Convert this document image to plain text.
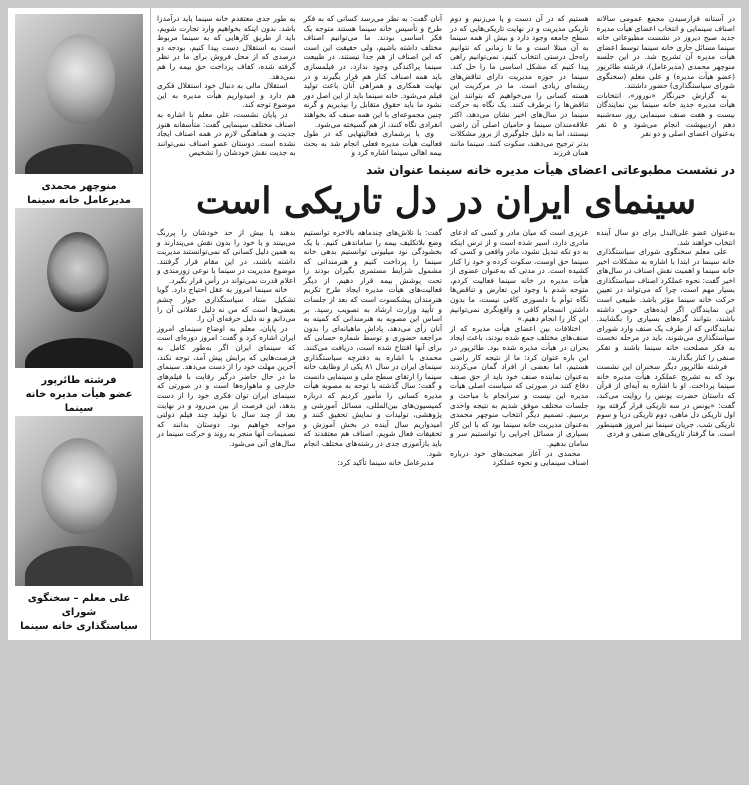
در آستانه فرارسیدن مجمع عمومی سالانه اصناف سینمایی و انتخاب اعضای هیأت مدیره جدید صبح دیروز در نشست مطبوعاتی خانه سینما مسائل جاری خانه سینما توسط اعضای هیأت مدیره آن تشریح شد. در این جلسه منوچهر محمدی (مدیرعامل)، فرشته طائرپور (عضو هیأت مدیره) و علی معلم (سخنگوی شورای سیاستگذاری) حضور داشتند.

به گزارش خبرنگار «نوروز»، انتخابات هیأت مدیره جدید خانه سینما بین نمایندگان بیست و هفت صنف سینمایی روز سه‌شنبه دهم اردیبهشت انجام می‌شود و ۵ نفر به‌عنوان اعضای اصلی و دو نفر

هستیم که در آن دست و پا می‌زنیم و دوم تاریکی مدیریت و در نهایت تاریکی‌هایی که در سطح جامعه وجود دارد و بیش از همه سینما به آن مبتلا است و ما تا زمانی که نتوانیم راه‌حل درستی انتخاب کنیم، نمی‌توانیم راهی پیدا کنیم که مشکل اساسی ما را حل کند. سینما در حوزه مدیریت دارای تناقض‌های ریشه‌ای زیادی است. ما در مرکزیت این هسته کسانی را می‌خواهیم که بتوانند این تناقض‌ها را برطرف کنند. یک نگاه به حرکت سینما در سال‌های اخیر نشان می‌دهد، اکثر علاقه‌مندان سینما و حامیان اصلی آن راضی نیستند، اما به دلیل جلوگیری از بروز مشکلات بدتر ترجیح می‌دهند، سکوت کنند. سینما مانند همان فرزند

آنان گفت: به نظر می‌رسد کسانی که به فکر طرح و تأسیس خانه سینما هستند متوجه یک فکر اساسی بودند. ما می‌توانیم اصناف مختلف داشته باشیم، ولی حقیقت این است که این اصناف از هم جدا نیستند. در طبیعت سینما پراکندگی وجود ندارد، در فیلمسازی باید همه اصناف کنار هم قرار بگیرند و در نهایت همکاری و همراهی آنان باعث تولید فیلم می‌شود. خانه سینما باید از این اصل دور نشود ما باید حقوق متقابل را بپذیریم و گرنه چنین مجموعه‌ای با این همه صنف که بخواهند انفرادی نگاه کنند، از هم گسیخته می‌شود.

وی با برشماری فعالیتهایی که در طول فعالیت هیأت مدیره فعلی انجام شد به بحث بیمه اهالی سینما اشاره کرد و

به طور جدی معتقدم خانه سینما باید درآمدزا باشد. بدون اینکه بخواهیم وارد تجارت شویم، باید از طریق کارهایی که به سینما مربوط است به استقلال دست پیدا کنیم، بودجه دو درصدی که از محل فروش برای ما در نظر گرفته شده، کفاف پرداخت حق بیمه را هم نمی‌دهد.

استقلال مالی به دنبال خود استقلال فکری هم دارد و امیدواریم هیأت مدیره به این موضوع توجه کند.

در پایان نشست، علی معلم با اشاره به اصناف مختلف سینمایی گفت: متأسفانه هنوز جدیت و هماهنگی لازم در همه اصناف ایجاد نشده است. دوستان عضو اصناف نمی‌توانند به جدیت نقش خودشان را تشخیص

در نشست مطبوعاتی اعضای هیأت مدیره خانه سینما عنوان شد
سینمای ایران در دل تاریکی است

به‌عنوان عضو علی‌البدل برای دو سال آینده انتخاب خواهند شد.

علی معلم سخنگوی شورای سیاستگذاری خانه سینما در ابتدا با اشاره به مشکلات اخیر خانه سینما و اهمیت نقش اصناف در سال‌های اخیر گفت: نحوه عملکرد اصناف سیاستگذاری بسیار مهم است، چرا که می‌تواند در تعیین حرکت خانه سینما مؤثر باشد. طبیعی است این نمایندگان اگر ایده‌های خوبی داشته باشند، بتوانند گره‌های بسیاری را بگشایند. نمایندگانی که از طرف یک صنف وارد شورای سیاستگذاری می‌شوند، باید در مرحله نخست به فکر مصلحت خانه سینما باشند و تفکر صنفی را کنار بگذارند.

فرشته طائرپور دیگر سخنران این نشست بود که به تشریح عملکرد هیأت مدیره خانه سینما پرداخت. او با اشاره به آیه‌ای از قرآن که داستان حضرت یونس را روایت می‌کند، گفت: «یونس در سه تاریکی قرار گرفته بود اول تاریکی دل ماهی، دوم تاریکی دریا و سوم تاریکی شب. جریان سینما نیز امروز همینطور است. ما گرفتار تاریکی‌های صنفی و فردی

عزیزی است که میان مادر و کسی که ادعای مادری دارد، اسیر شده است و از ترس اینکه به دو تکه تبدیل نشود، مادر واقعی و کسی که سینما حق اوست، سکوت کرده و خود را کنار کشیده است. در مدتی که به‌عنوان عضوی از هیأت مدیره در خانه سینما فعالیت کردم، متوجه شدم با وجود این تعارض و تناقض‌ها نگاه توأم با دلسوزی کافی نیست، ما بدون داشتن انسجام کافی و واقع‌نگری نمی‌توانیم این کار را انجام دهیم.»

اختلافات بین اعضای هیأت مدیره که از صنف‌های مختلف جمع شده بودند، باعث ایجاد بحران در هیأت مدیره شده بود. طائرپور در این باره عنوان کرد: ما از نتیجه کار راضی هستیم، اما بعضی از افراد گمان می‌کردند به‌عنوان نماینده صنف خود باید از حق صنف دفاع کنند در صورتی که سیاست اصلی هیأت مدیره این نیست و سرانجام با مباحث و جلسات مختلف موفق شدیم به نتیجه واحدی برسیم. تصمیم دیگر انتخاب منوچهر محمدی به‌عنوان مدیریت خانه سینما بود که با این کار بسیاری از مسائل اجرایی را توانستیم سر و سامان بدهیم.

محمدی در آغاز صحبت‌های خود درباره اصناف سینمایی و نحوه عملکرد

گفت: با تلاش‌های چندماهه بالاخره توانستیم وضع بلاتکلیف بیمه را ساماندهی کنیم. با یک بخشودگی نود میلیونی توانستیم بدهی خانه سینما را پرداخت کنیم و هنرمندانی که مشمول شرایط مستمری بگیران بودند را تحت پوشش بیمه قرار دهیم. از دیگر فعالیت‌های هیأت مدیره ایجاد طرح تکریم هنرمندان پیشکسوت است که بعد از جلسات و تأیید وزارت ارشاد به تصویب رسید. بر اساس این مصوبه به هنرمندانی که کمیته به آنان رأی می‌دهد، پاداش ماهیانه‌ای را بدون مراجعه حضوری و توسط شماره حسابی که برای آنها افتتاح شده است، دریافت می‌کنند. محمدی با اشاره به دفترچه سیاستگذاری سینمای ایران در سال ۸۱ یکی از وظایف خانه سینما را ارتقای سطح ملی و سینمایی دانست و گفت: سال گذشته با توجه به مصوبه هیأت مدیره کسانی را مأمور کردیم که درباره کمیسیون‌های بین‌المللی، مسائل آموزشی و پژوهشی، تولیدات و نمایش تحقیق کنند و امیدواریم سال آینده در بخش آموزش و تحقیقات فعال شویم. اصناف هم معتقدند که باید بازآموزی جدی در رشته‌های مختلف انجام شود.

مدیرعامل خانه سینما تأکید کرد:

بدهند یا بیش از حد خودشان را پررنگ می‌بینند و یا خود را بدون نقش می‌پندارند و به همین دلیل کسانی که نمی‌توانستند مدیریت داشته باشند، در این مقام قرار گرفتند. موضوع مدیریت در سینما با نوعی زورمندی و اعلام قدرت نمی‌تواند در رأس قرار بگیرد.

خانه سینما امروز به عقل احتیاج دارد. گویا تشکیل ستاد سیاستگذاری خوار چشم بعضی‌ها است که من نه دلیل عقلانی آن را می‌دانم و نه دلیل حرفه‌ای آن را.

در پایان، معلم به اوضاع سینمای امروز ایران اشاره کرد و گفت: امروز دوره‌ای است که سینمای ایران اگر به‌طور کامل به فرصت‌هایی که برایش پیش آمد، توجه نکند، آخرین مهلت خود را از دست می‌دهد. سینمای ما در حال حاضر درگیر رقابت با فیلم‌های خارجی و ماهواره‌ها است و در صورتی که سینمای ایران توان فکری خود را از دست بدهد، این فرصت از بین می‌رود و در نهایت بعد از چند سال با تولید چند فیلم دولتی مواجه خواهیم بود. دوستان بدانند که تصمیمات آنها منجر به روند و حرکت سینما در سال‌های آتی می‌شود.

منوچهر محمدی
مدیرعامل خانه سینما
فرشته طائرپور
عضو هیأت مدیره خانه سینما
علی معلم – سخنگوی شورای
سیاستگذاری خانه سینما
